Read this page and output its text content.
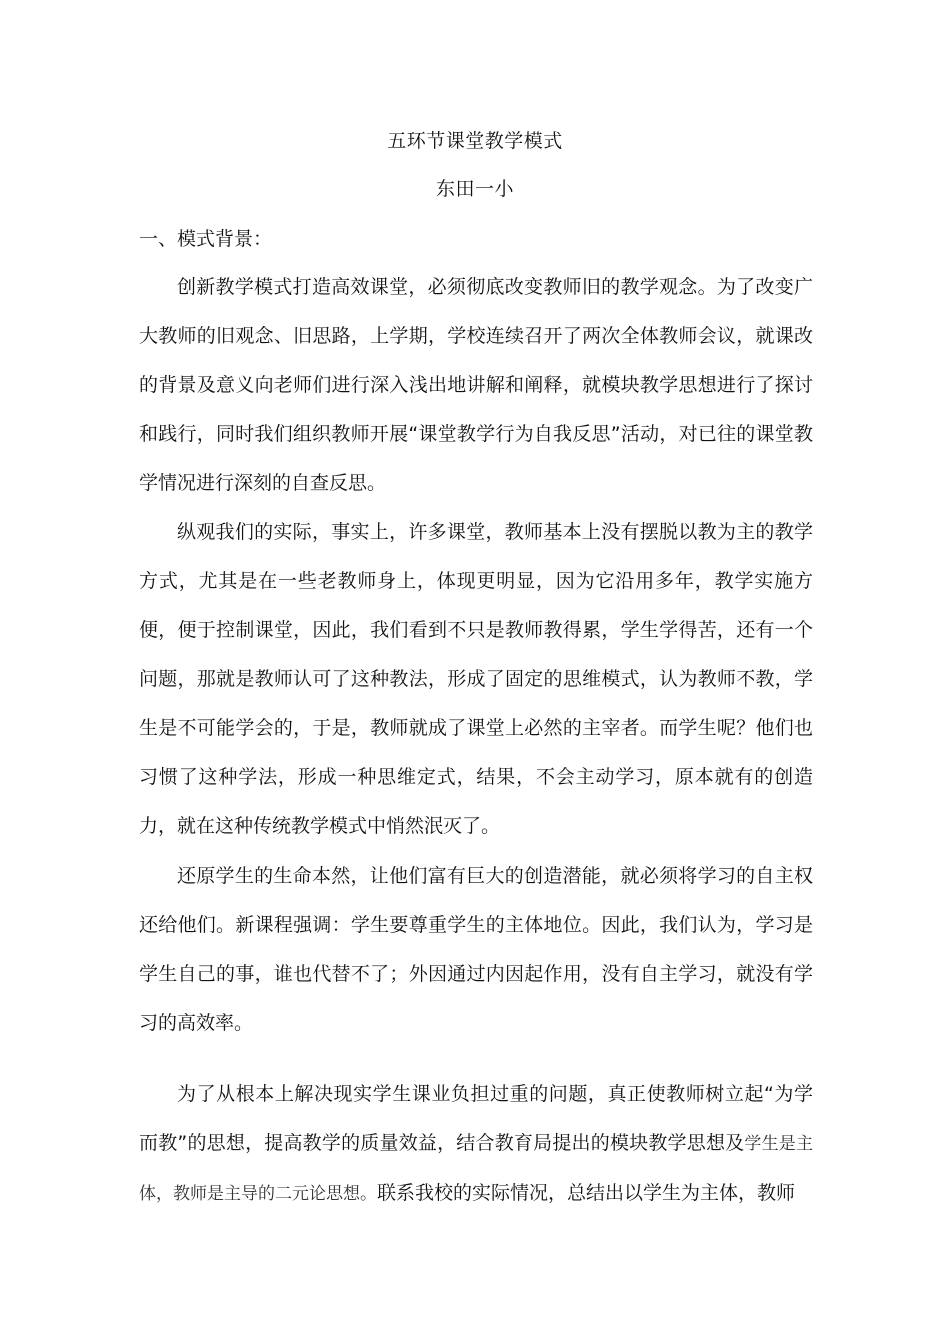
五环节课堂教学模式
东田一小
一、模式背景：

创新教学模式打造高效课堂，必须彻底改变教师旧的教学观念。为了改变广大教师的旧观念、旧思路，上学期，学校连续召开了两次全体教师会议，就课改的背景及意义向老师们进行深入浅出地讲解和阐释，就模块教学思想进行了探讨和践行，同时我们组织教师开展“课堂教学行为自我反思”活动，对已往的课堂教学情况进行深刻的自查反思。

纵观我们的实际，事实上，许多课堂，教师基本上没有摆脱以教为主的教学方式，尤其是在一些老教师身上，体现更明显，因为它沿用多年，教学实施方便，便于控制课堂，因此，我们看到不只是教师教得累，学生学得苦，还有一个问题，那就是教师认可了这种教法，形成了固定的思维模式，认为教师不教，学生是不可能学会的，于是，教师就成了课堂上必然的主宰者。而学生呢？他们也习惯了这种学法，形成一种思维定式，结果，不会主动学习，原本就有的创造力，就在这种传统教学模式中悄然泯灭了。

还原学生的生命本然，让他们富有巨大的创造潜能，就必须将学习的自主权还给他们。新课程强调：学生要尊重学生的主体地位。因此，我们认为，学习是学生自己的事，谁也代替不了；外因通过内因起作用，没有自主学习，就没有学习的高效率。

为了从根本上解决现实学生课业负担过重的问题，真正使教师树立起“为学而教”的思想，提高教学的质量效益，结合教育局提出的模块教学思想及学生是主体，教师是主导的二元论思想。联系我校的实际情况，总结出以学生为主体，教师
